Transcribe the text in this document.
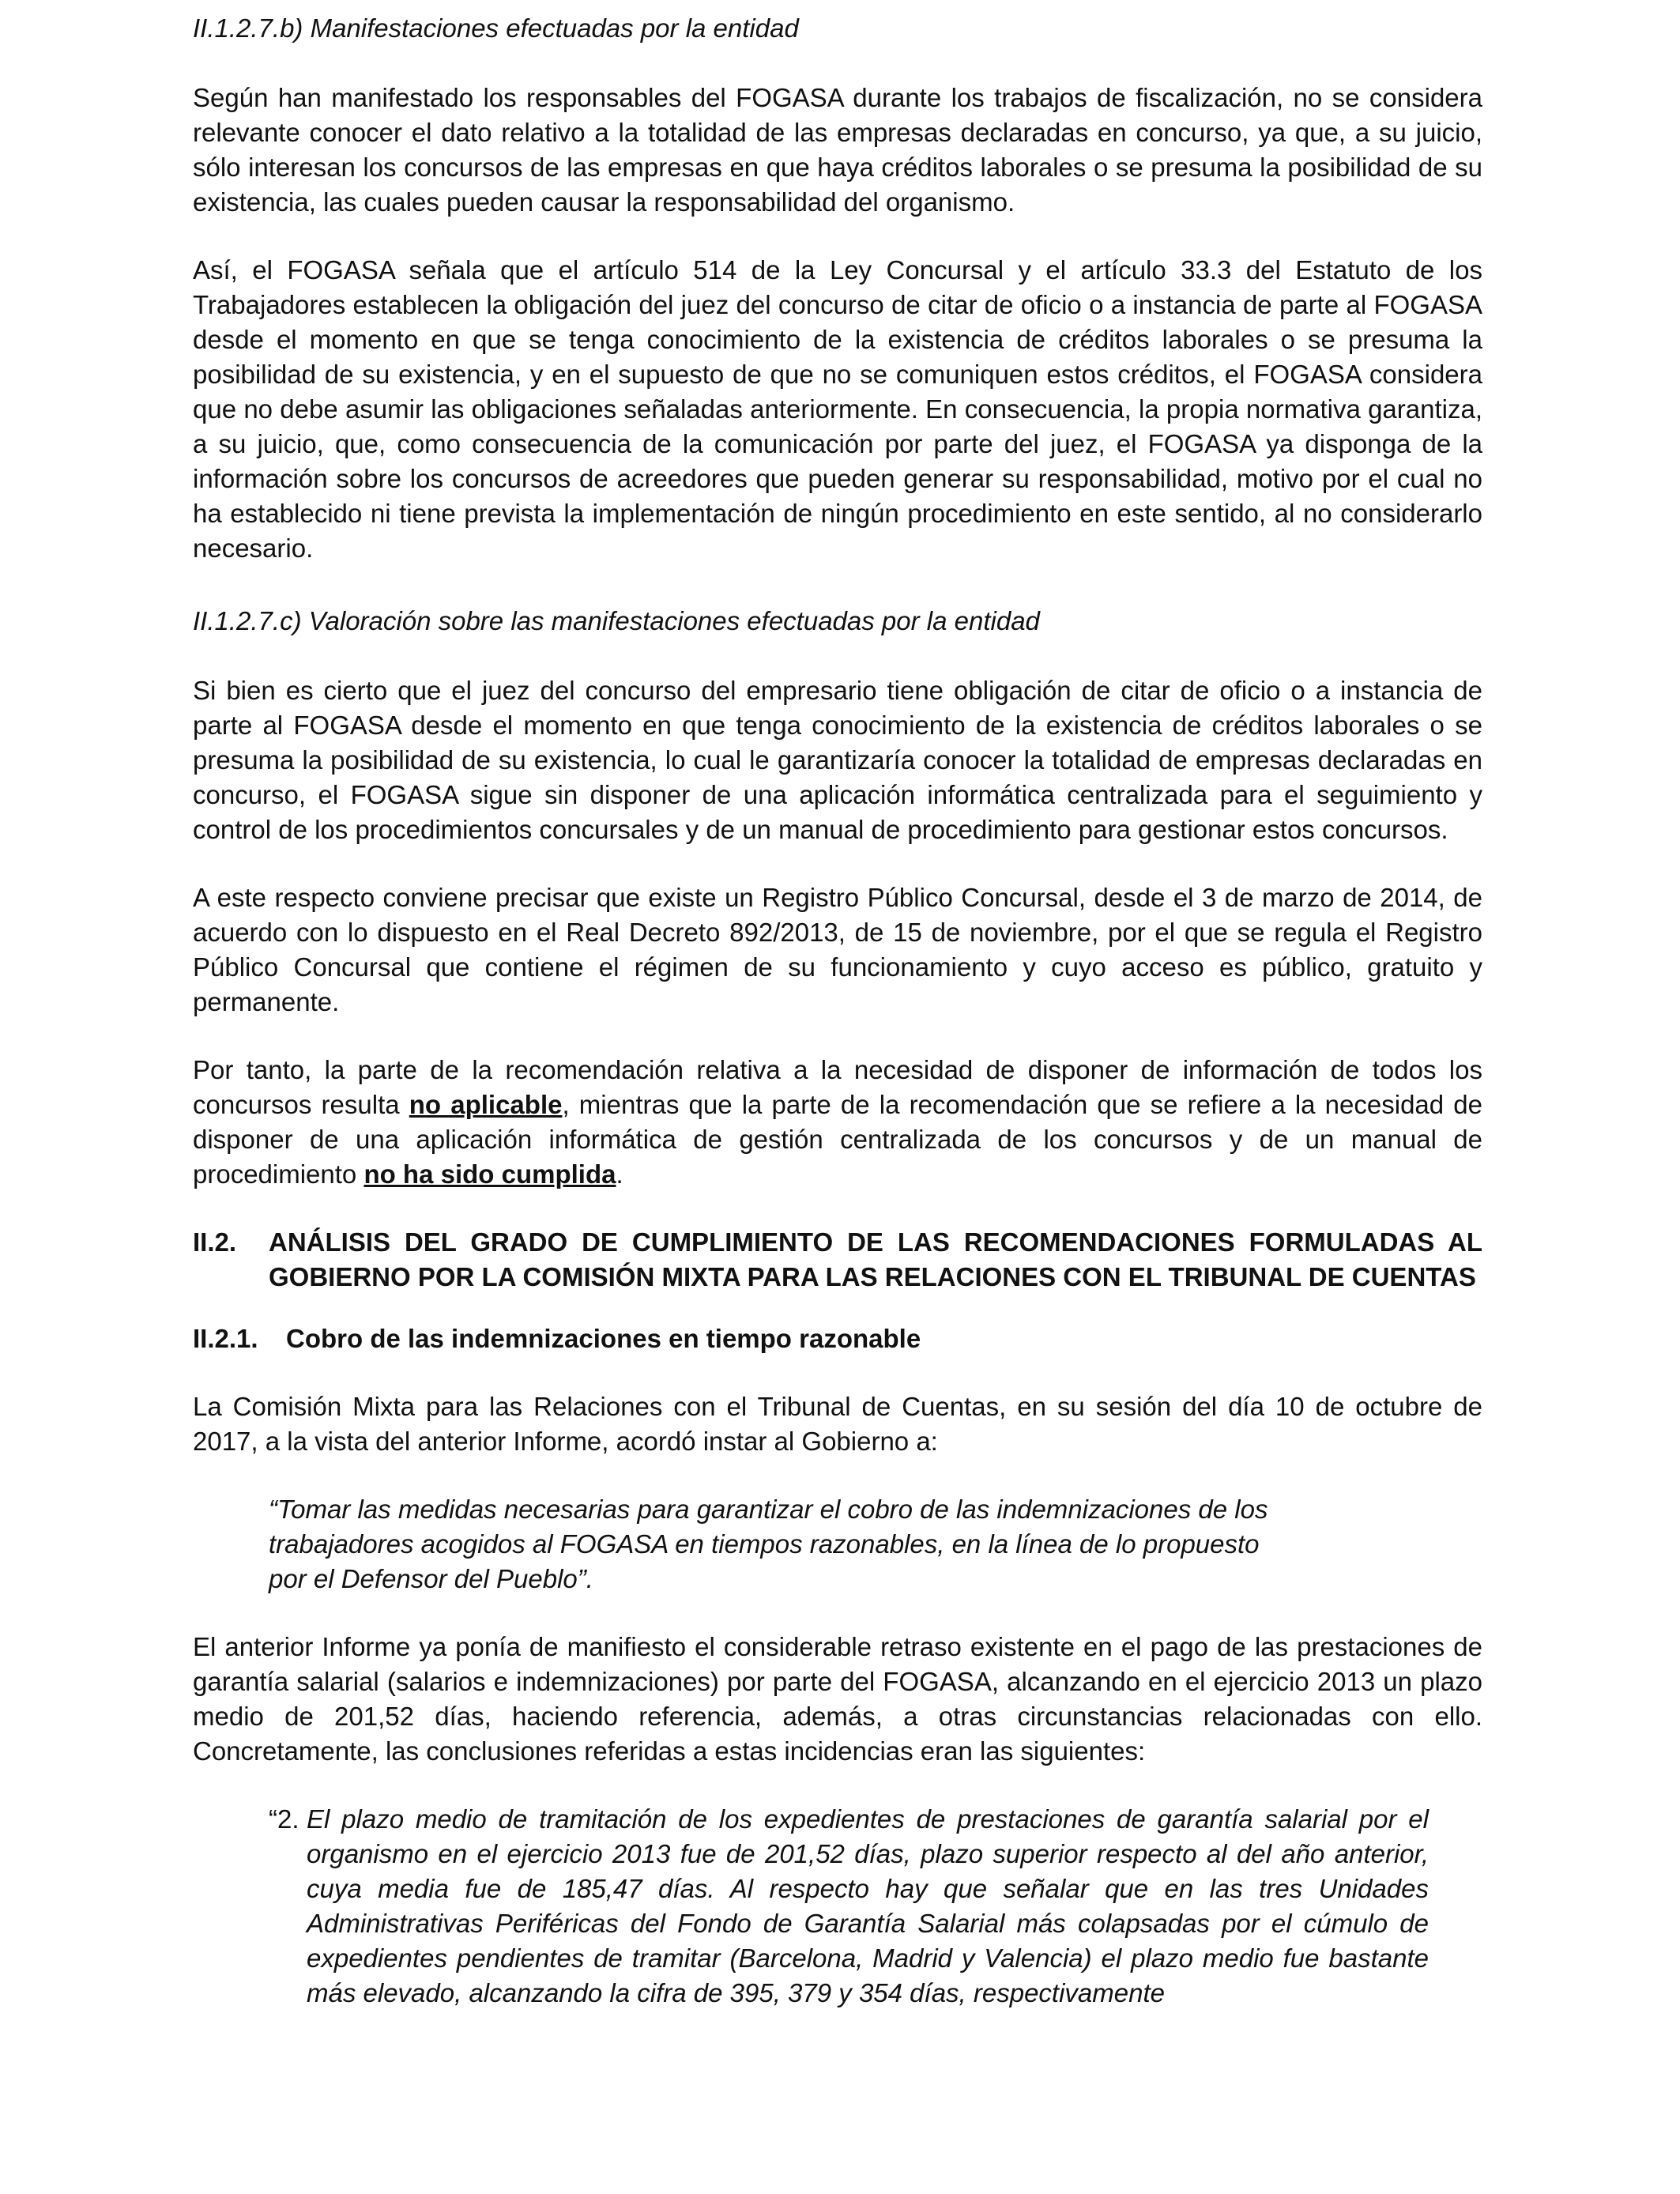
II.1.2.7.b) Manifestaciones efectuadas por la entidad

Según han manifestado los responsables del FOGASA durante los trabajos de fiscalización, no se considera relevante conocer el dato relativo a la totalidad de las empresas declaradas en concurso, ya que, a su juicio, sólo interesan los concursos de las empresas en que haya créditos laborales o se presuma la posibilidad de su existencia, las cuales pueden causar la responsabilidad del organismo.

Así, el FOGASA señala que el artículo 514 de la Ley Concursal y el artículo 33.3 del Estatuto de los Trabajadores establecen la obligación del juez del concurso de citar de oficio o a instancia de parte al FOGASA desde el momento en que se tenga conocimiento de la existencia de créditos laborales o se presuma la posibilidad de su existencia, y en el supuesto de que no se comuniquen estos créditos, el FOGASA considera que no debe asumir las obligaciones señaladas anteriormente. En consecuencia, la propia normativa garantiza, a su juicio, que, como consecuencia de la comunicación por parte del juez, el FOGASA ya disponga de la información sobre los concursos de acreedores que pueden generar su responsabilidad, motivo por el cual no ha establecido ni tiene prevista la implementación de ningún procedimiento en este sentido, al no considerarlo necesario.

II.1.2.7.c) Valoración sobre las manifestaciones efectuadas por la entidad

Si bien es cierto que el juez del concurso del empresario tiene obligación de citar de oficio o a instancia de parte al FOGASA desde el momento en que tenga conocimiento de la existencia de créditos laborales o se presuma la posibilidad de su existencia, lo cual le garantizaría conocer la totalidad de empresas declaradas en concurso, el FOGASA sigue sin disponer de una aplicación informática centralizada para el seguimiento y control de los procedimientos concursales y de un manual de procedimiento para gestionar estos concursos.

A este respecto conviene precisar que existe un Registro Público Concursal, desde el 3 de marzo de 2014, de acuerdo con lo dispuesto en el Real Decreto 892/2013, de 15 de noviembre, por el que se regula el Registro Público Concursal que contiene el régimen de su funcionamiento y cuyo acceso es público, gratuito y permanente.

Por tanto, la parte de la recomendación relativa a la necesidad de disponer de información de todos los concursos resulta no aplicable, mientras que la parte de la recomendación que se refiere a la necesidad de disponer de una aplicación informática de gestión centralizada de los concursos y de un manual de procedimiento no ha sido cumplida.

II.2.	ANÁLISIS DEL GRADO DE CUMPLIMIENTO DE LAS RECOMENDACIONES FORMULADAS AL GOBIERNO POR LA COMISIÓN MIXTA PARA LAS RELACIONES CON EL TRIBUNAL DE CUENTAS
II.2.1. Cobro de las indemnizaciones en tiempo razonable

La Comisión Mixta para las Relaciones con el Tribunal de Cuentas, en su sesión del día 10 de octubre de 2017, a la vista del anterior Informe, acordó instar al Gobierno a:

“Tomar las medidas necesarias para garantizar el cobro de las indemnizaciones de los
trabajadores acogidos al FOGASA en tiempos razonables, en la línea de lo propuesto
por el Defensor del Pueblo”.

El anterior Informe ya ponía de manifiesto el considerable retraso existente en el pago de las prestaciones de garantía salarial (salarios e indemnizaciones) por parte del FOGASA, alcanzando en el ejercicio 2013 un plazo medio de 201,52 días, haciendo referencia, además, a otras circunstancias relacionadas con ello. Concretamente, las conclusiones referidas a estas incidencias eran las siguientes:

“2. El plazo medio de tramitación de los expedientes de prestaciones de garantía salarial por el organismo en el ejercicio 2013 fue de 201,52 días, plazo superior respecto al del año anterior, cuya media fue de 185,47 días. Al respecto hay que señalar que en las tres Unidades Administrativas Periféricas del Fondo de Garantía Salarial más colapsadas por el cúmulo de expedientes pendientes de tramitar (Barcelona, Madrid y Valencia) el plazo medio fue bastante más elevado, alcanzando la cifra de 395, 379 y 354 días, respectivamente
